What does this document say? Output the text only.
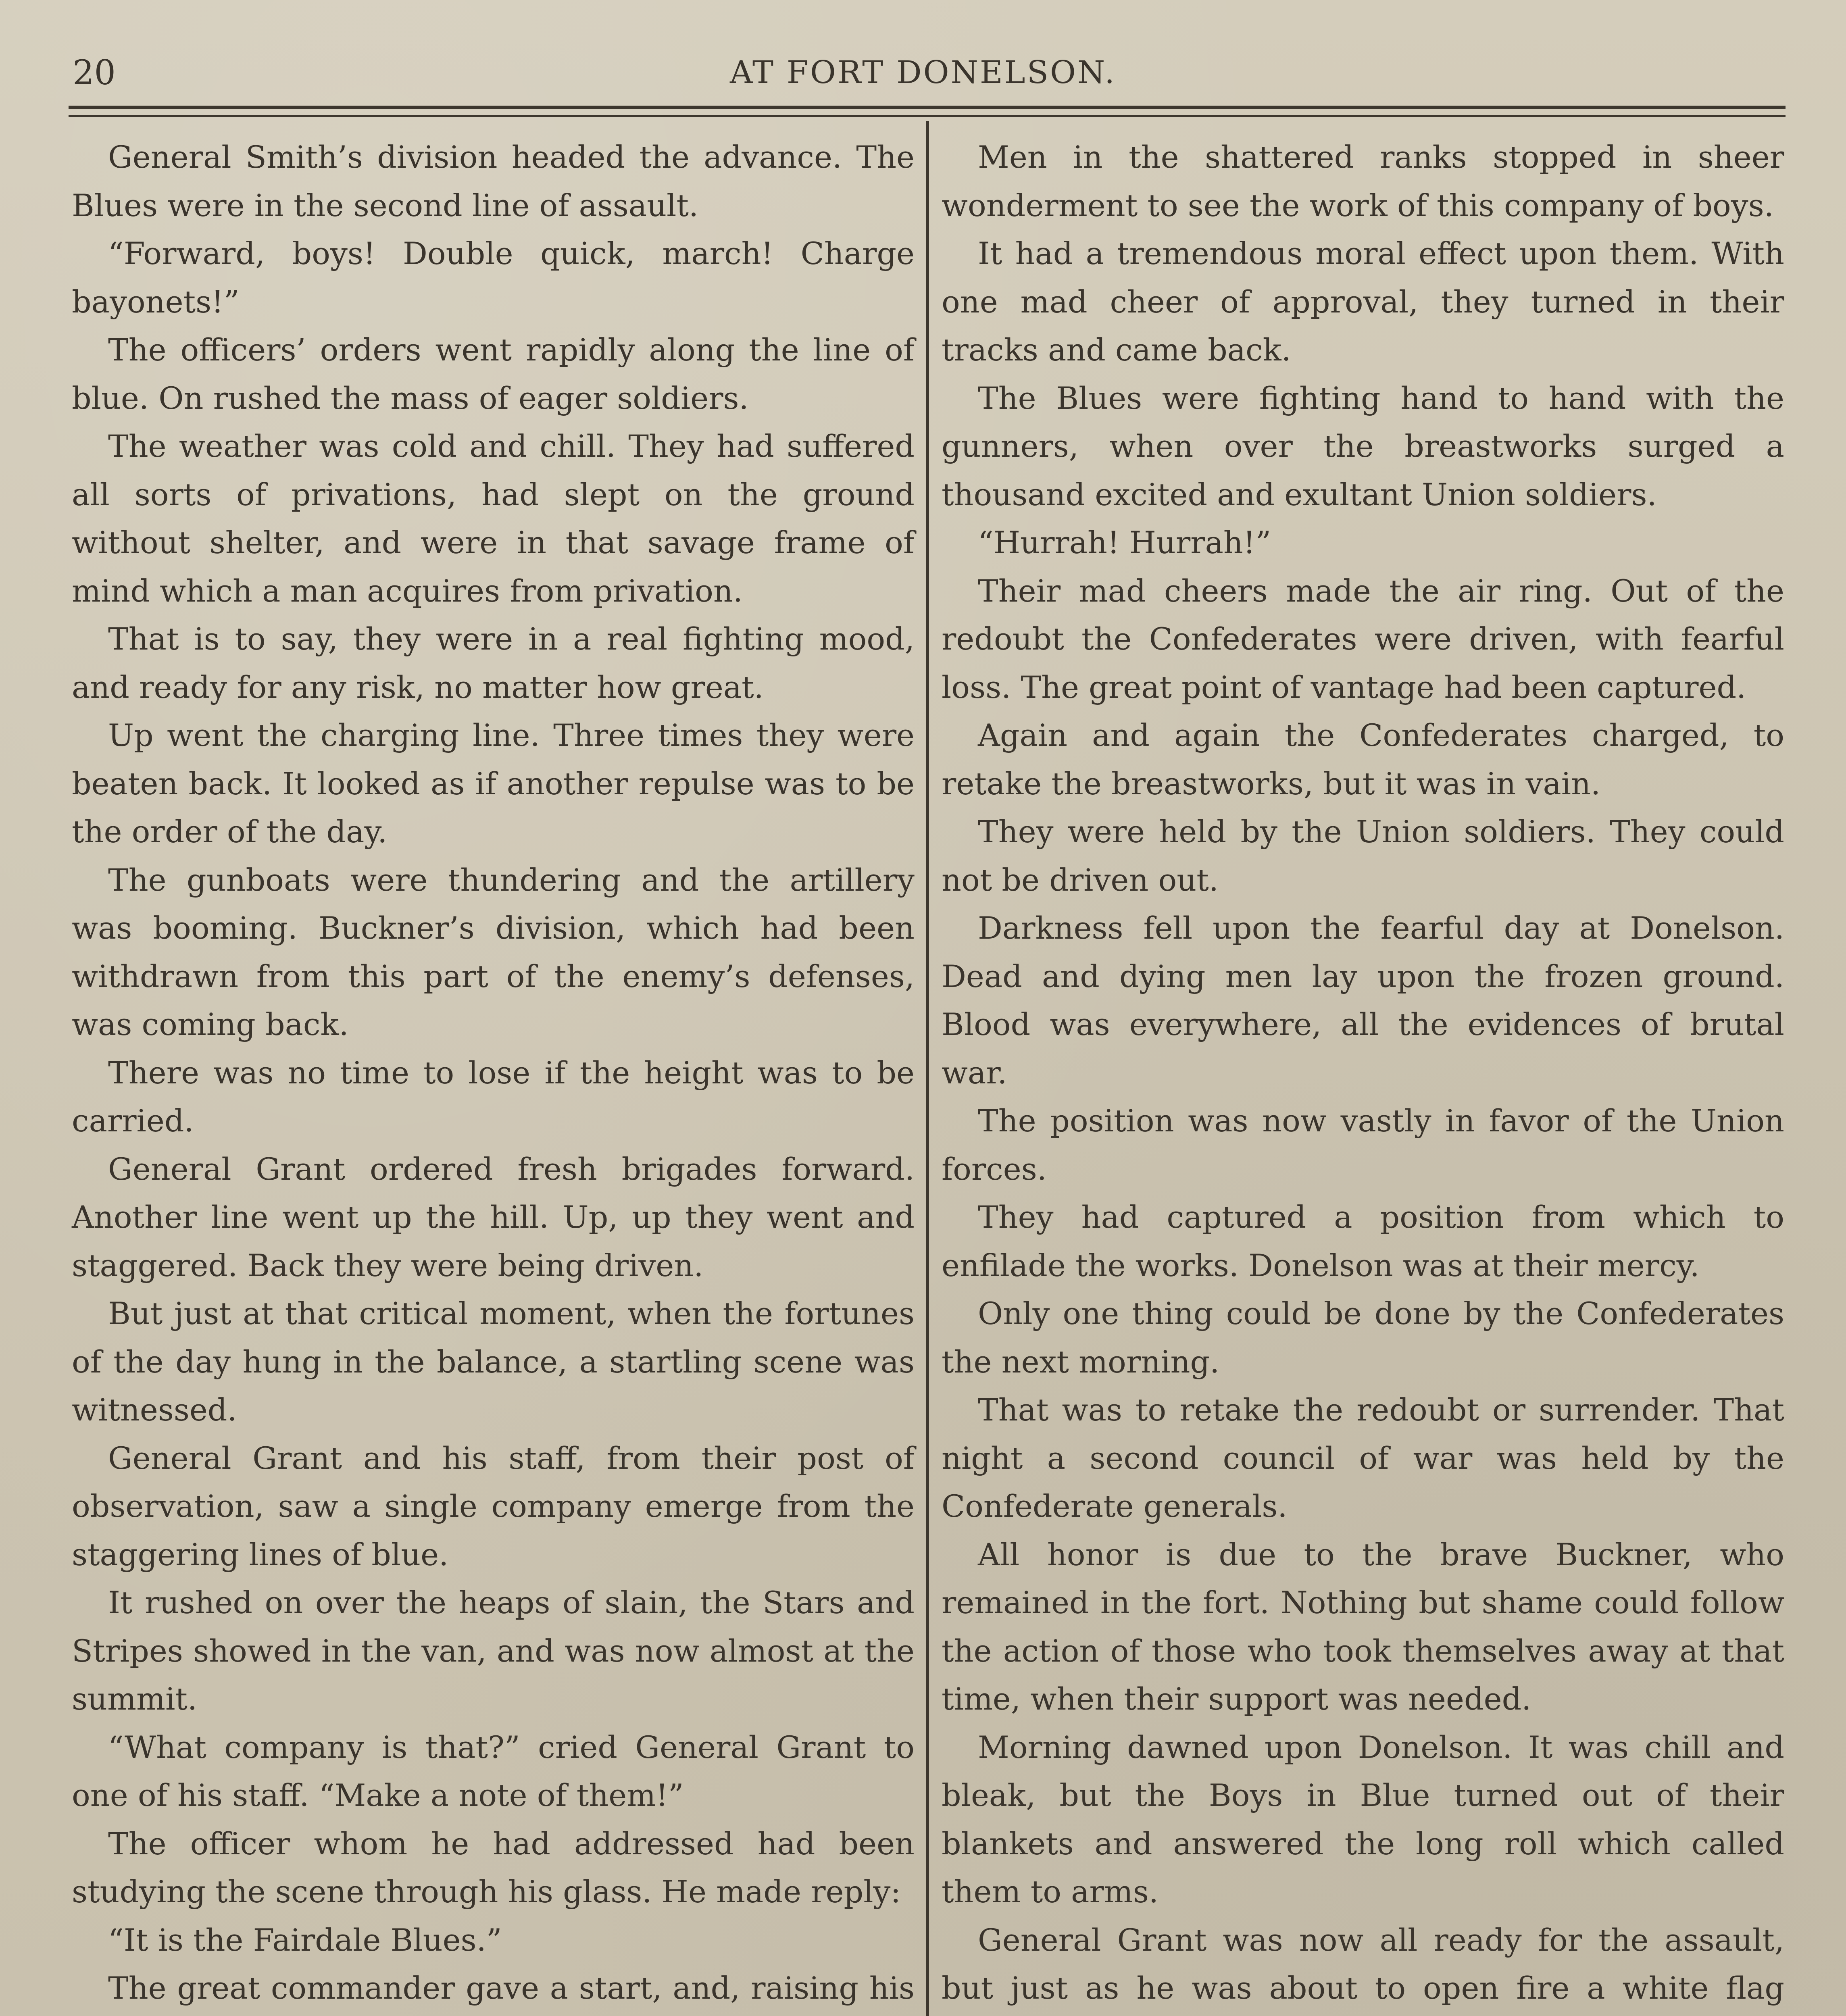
20	AT FORT DONELSON.

General Smith’s division headed the advance. The Blues were in the second line of assault.

“Forward, boys! Double quick, march! Charge bayonets!”

The officers’ orders went rapidly along the line of blue. On rushed the mass of eager soldiers.

The weather was cold and chill. They had suffered all sorts of privations, had slept on the ground without shelter, and were in that savage frame of mind which a man acquires from privation.

That is to say, they were in a real fighting mood, and ready for any risk, no matter how great.

Up went the charging line. Three times they were beaten back. It looked as if another repulse was to be the order of the day.

The gunboats were thundering and the artillery was booming. Buckner’s division, which had been withdrawn from this part of the enemy’s defenses, was coming back.

There was no time to lose if the height was to be carried.

General Grant ordered fresh brigades forward. Another line went up the hill. Up, up they went and staggered. Back they were being driven.

But just at that critical moment, when the fortunes of the day hung in the balance, a startling scene was witnessed.

General Grant and his staff, from their post of observation, saw a single company emerge from the staggering lines of blue.

It rushed on over the heaps of slain, the Stars and Stripes showed in the van, and was now almost at the summit.

“What company is that?” cried General Grant to one of his staff. “Make a note of them!”

The officer whom he had addressed had been studying the scene through his glass. He made reply:

“It is the Fairdale Blues.”

The great commander gave a start, and, raising his

Men in the shattered ranks stopped in sheer wonderment to see the work of this company of boys.

It had a tremendous moral effect upon them. With one mad cheer of approval, they turned in their tracks and came back.

The Blues were fighting hand to hand with the gunners, when over the breastworks surged a thousand excited and exultant Union soldiers.

“Hurrah! Hurrah!”

Their mad cheers made the air ring. Out of the redoubt the Confederates were driven, with fearful loss. The great point of vantage had been captured.

Again and again the Confederates charged, to retake the breastworks, but it was in vain.

They were held by the Union soldiers. They could not be driven out.

Darkness fell upon the fearful day at Donelson. Dead and dying men lay upon the frozen ground. Blood was everywhere, all the evidences of brutal war.

The position was now vastly in favor of the Union forces.

They had captured a position from which to enfilade the works. Donelson was at their mercy.

Only one thing could be done by the Confederates the next morning.

That was to retake the redoubt or surrender. That night a second council of war was held by the Confederate generals.

All honor is due to the brave Buckner, who remained in the fort. Nothing but shame could follow the action of those who took themselves away at that time, when their support was needed.

Morning dawned upon Donelson. It was chill and bleak, but the Boys in Blue turned out of their blankets and answered the long roll which called them to arms.

General Grant was now all ready for the assault, but just as he was about to open fire a white flag
